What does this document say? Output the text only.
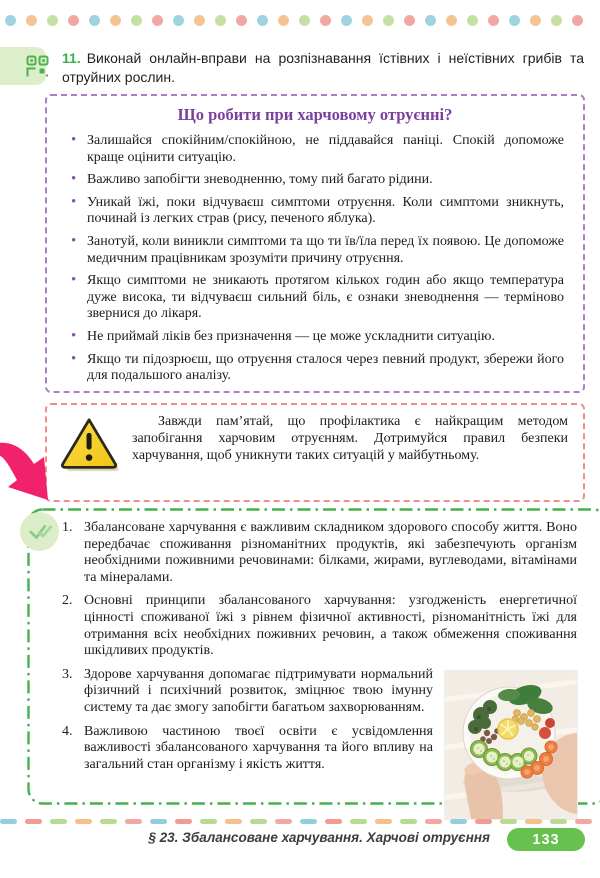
11. Виконай онлайн-вправи на розпізнавання їстівних і неїстівних грибів та отруйних рослин.
Що робити при харчовому отруєнні?
• Залишайся спокійним/спокійною, не піддавайся паніці. Спокій допоможе краще оцінити ситуацію.
• Важливо запобігти зневодненню, тому пий багато рідини.
• Уникай їжі, поки відчуваєш симптоми отруєння. Коли симптоми зникнуть, починай із легких страв (рису, печеного яблука).
• Занотуй, коли виникли симптоми та що ти їв/їла перед їх появою. Це допоможе медичним працівникам зрозуміти причину отруєння.
• Якщо симптоми не зникають протягом кількох годин або якщо температура дуже висока, ти відчуваєш сильний біль, є ознаки зневоднення — терміново звернися до лікаря.
• Не приймай ліків без призначення — це може ускладнити ситуацію.
• Якщо ти підозрюєш, що отруєння сталося через певний продукт, збережи його для подальшого аналізу.

Завжди пам’ятай, що профілактика є найкращим методом запобігання харчовим отруєнням. Дотримуйся правил безпеки харчування, щоб уникнути таких ситуацій у майбутньому.

1. Збалансоване харчування є важливим складником здорового способу життя. Воно передбачає споживання різноманітних продуктів, які забезпечують організм необхідними поживними речовинами: білками, жирами, вуглеводами, вітамінами та мінералами.
2. Основні принципи збалансованого харчування: узгодженість енергетичної цінності споживаної їжі з рівнем фізичної активності, різноманітність їжі для отримання всіх необхідних поживних речовин, а також обмеження споживання шкідливих продуктів.
3. Здорове харчування допомагає підтримувати нормальний фізичний і психічний розвиток, зміцнює твою імунну систему та дає змогу запобігти багатьом захворюванням.
4. Важливою частиною твоєї освіти є усвідомлення важливості збалансованого харчування та його впливу на загальний стан організму і якість життя.
§ 23. Збалансоване харчування. Харчові отруєння	133
